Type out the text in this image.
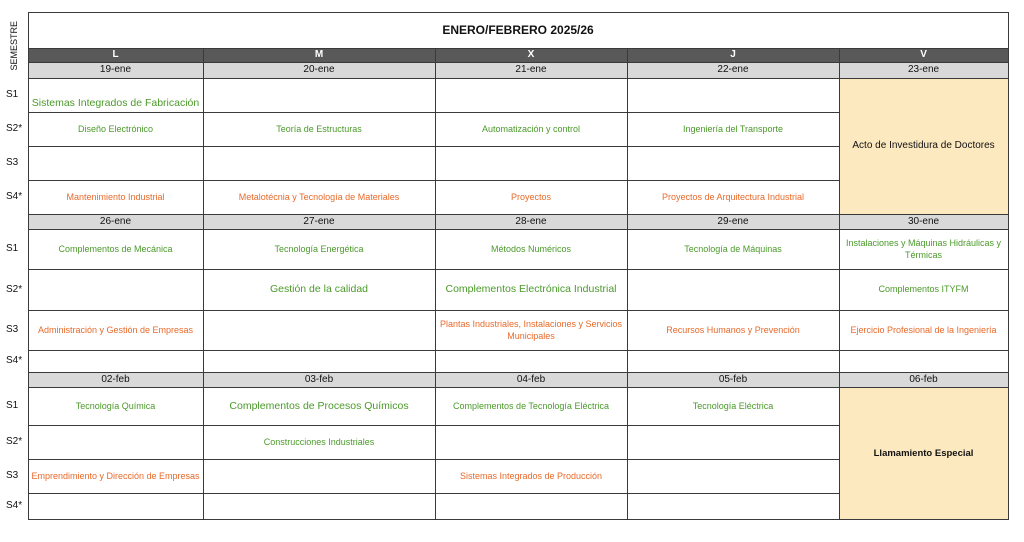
SEMESTRE	ENERO/FEBRERO 2025/26				
	L	M	X	J	V
	19-ene	20-ene	21-ene	22-ene	23-ene
S1	Sistemas Integrados de Fabricación				Acto de Investidura de Doctores
S2*	Diseño Electrónico	Teoría de Estructuras	Automatización y control	Ingeniería del Transporte	
S3					
S4*	Mantenimiento Industrial	Metalotécnia y Tecnología de Materiales	Proyectos	Proyectos de Arquitectura Industrial	
	26-ene	27-ene	28-ene	29-ene	30-ene
S1	Complementos de Mecánica	Tecnología Energética	Métodos Numéricos	Tecnología de Máquinas	Instalaciones y Máquinas Hidráulicas y Térmicas
S2*		Gestión de la calidad	Complementos Electrónica Industrial		Complementos ITYFM
S3	Administración y Gestión de Empresas		Plantas Industriales, Instalaciones y Servicios Municipales	Recursos Humanos y Prevención	Ejercicio Profesional de la Ingeniería
S4*					
	02-feb	03-feb	04-feb	05-feb	06-feb
S1	Tecnología Química	Complementos de Procesos Químicos	Complementos de Tecnología Eléctrica	Tecnología Eléctrica	Llamamiento Especial
S2*		Construcciones Industriales			
S3	Emprendimiento y Dirección de Empresas		Sistemas Integrados de Producción		
S4*					
